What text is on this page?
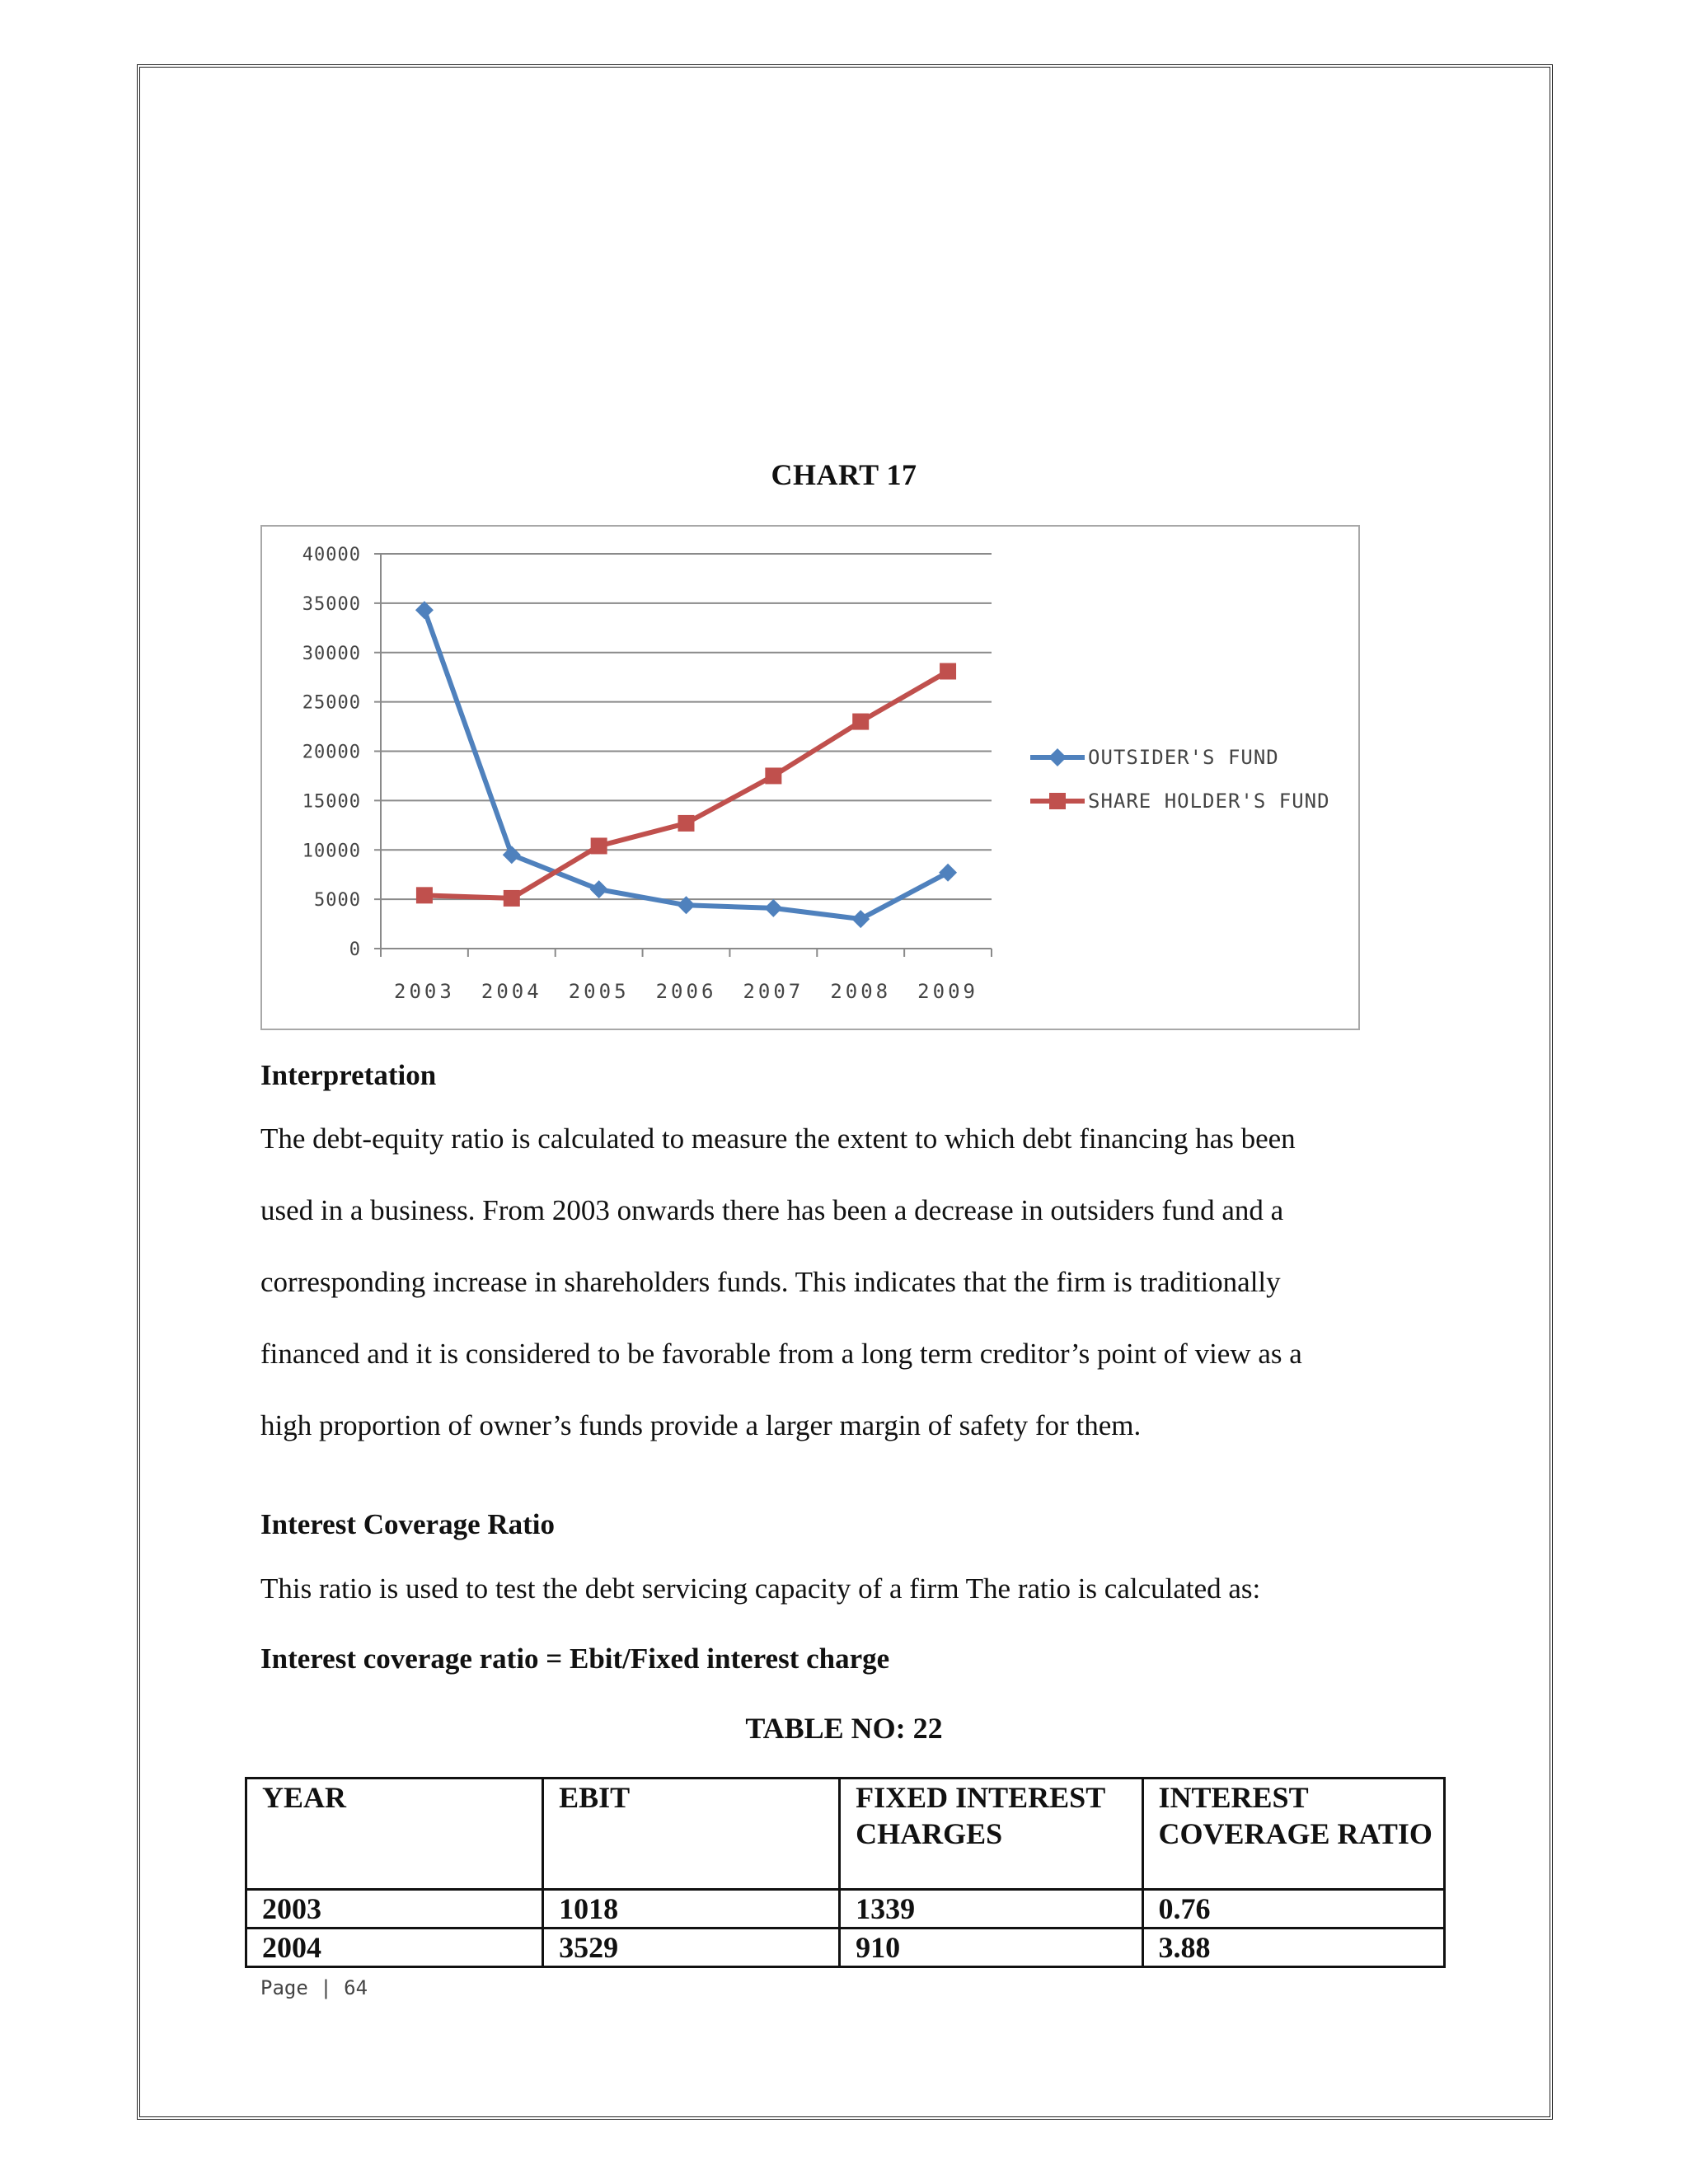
CHART 17
0
5000
10000
15000
20000
25000
30000
35000
40000
2003 2004 2005 2006 2007 2008 2009
OUTSIDER'S FUND
SHARE HOLDER'S FUND
Interpretation
The debt-equity ratio is calculated to measure the extent to which debt financing has been
used in a business. From 2003 onwards there has been a decrease in outsiders fund and a
corresponding increase in shareholders funds. This indicates that the firm is traditionally
financed and it is considered to be favorable from a long term creditor’s point of view as a
high proportion of owner’s funds provide a larger margin of safety for them.
Interest Coverage Ratio
This ratio is used to test the debt servicing capacity of a firm The ratio is calculated as:
Interest coverage ratio = Ebit/Fixed interest charge
TABLE NO: 22
YEAR	EBIT	FIXED INTEREST CHARGES	INTEREST COVERAGE RATIO
2003	1018	1339	0.76
2004	3529	910	3.88
Page | 64
